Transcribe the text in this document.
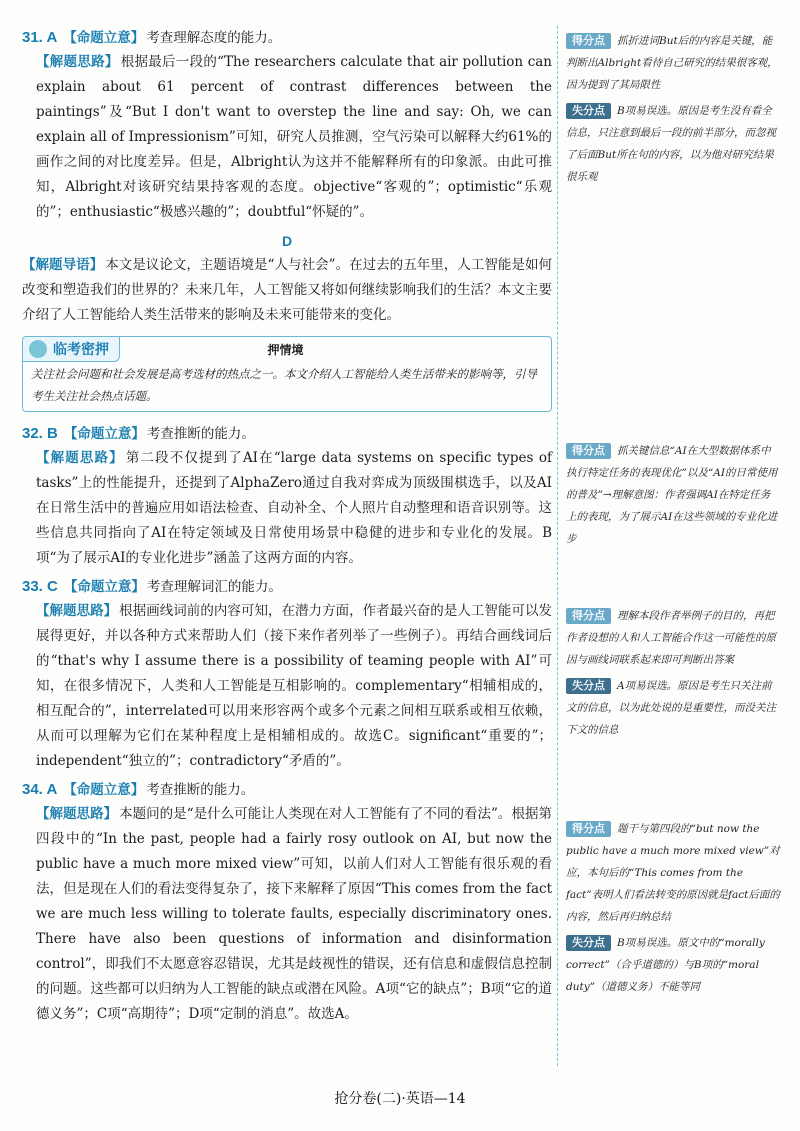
31. A 【命题立意】 考查理解态度的能力。

【解题思路】 根据最后一段的“The researchers calculate that air pollution can explain about 61 percent of contrast differences between the paintings”及“But I don't want to overstep the line and say: Oh, we can explain all of Impressionism”可知，研究人员推测，空气污染可以解释大约61%的画作之间的对比度差异。但是，Albright认为这并不能解释所有的印象派。由此可推知，Albright对该研究结果持客观的态度。objective“客观的”；optimistic“乐观的”；enthusiastic“极感兴趣的”；doubtful“怀疑的”。

D

【解题导语】 本文是议论文，主题语境是“人与社会”。在过去的五年里，人工智能是如何改变和塑造我们的世界的？未来几年，人工智能又将如何继续影响我们的生活？本文主要介绍了人工智能给人类生活带来的影响及未来可能带来的变化。

临考密押	押情境
关注社会问题和社会发展是高考选材的热点之一。本文介绍人工智能给人类生活带来的影响等，引导考生关注社会热点话题。

32. B 【命题立意】 考查推断的能力。

【解题思路】 第二段不仅提到了AI在“large data systems on specific types of tasks”上的性能提升，还提到了AlphaZero通过自我对弈成为顶级围棋选手，以及AI在日常生活中的普遍应用如语法检查、自动补全、个人照片自动整理和语音识别等。这些信息共同指向了AI在特定领域及日常使用场景中稳健的进步和专业化的发展。B项“为了展示AI的专业化进步”涵盖了这两方面的内容。

33. C 【命题立意】 考查理解词汇的能力。

【解题思路】 根据画线词前的内容可知，在潜力方面，作者最兴奋的是人工智能可以发展得更好，并以各种方式来帮助人们（接下来作者列举了一些例子）。再结合画线词后的“that's why I assume there is a possibility of teaming people with AI”可知，在很多情况下，人类和人工智能是互相影响的。complementary“相辅相成的，相互配合的”，interrelated可以用来形容两个或多个元素之间相互联系或相互依赖，从而可以理解为它们在某种程度上是相辅相成的。故选C。significant“重要的”；independent“独立的”；contradictory“矛盾的”。

34. A 【命题立意】 考查推断的能力。

【解题思路】 本题问的是“是什么可能让人类现在对人工智能有了不同的看法”。根据第四段中的“In the past, people had a fairly rosy outlook on AI, but now the public have a much more mixed view”可知，以前人们对人工智能有很乐观的看法，但是现在人们的看法变得复杂了，接下来解释了原因“This comes from the fact we are much less willing to tolerate faults, especially discriminatory ones. There have also been questions of information and disinformation control”，即我们不太愿意容忍错误，尤其是歧视性的错误，还有信息和虚假信息控制的问题。这些都可以归纳为人工智能的缺点或潜在风险。A项“它的缺点”；B项“它的道德义务”；C项“高期待”；D项“定制的消息”。故选A。

得分点 抓折进词But后的内容是关键，能判断出Albright看待自己研究的结果很客观，因为提到了其局限性

失分点 B项易误选。原因是考生没有看全信息，只注意到最后一段的前半部分，而忽视了后面But所在句的内容，以为他对研究结果很乐观

得分点 抓关键信息“AI在大型数据体系中执行特定任务的表现优化”以及“AI的日常使用的普及”→理解意图：作者强调AI在特定任务上的表现，为了展示AI在这些领域的专业化进步

得分点 理解本段作者举例子的目的，再把作者设想的人和人工智能合作这一可能性的原因与画线词联系起来即可判断出答案

失分点 A项易误选。原因是考生只关注前文的信息，以为此处说的是重要性，而没关注下文的信息

得分点 题干与第四段的“but now the public have a much more mixed view”对应，本句后的“This comes from the fact”表明人们看法转变的原因就是fact后面的内容，然后再归纳总结

失分点 B项易误选。原文中的“morally correct”（合乎道德的）与B项的“moral duty”（道德义务）不能等同

抢分卷(二)·英语—14
